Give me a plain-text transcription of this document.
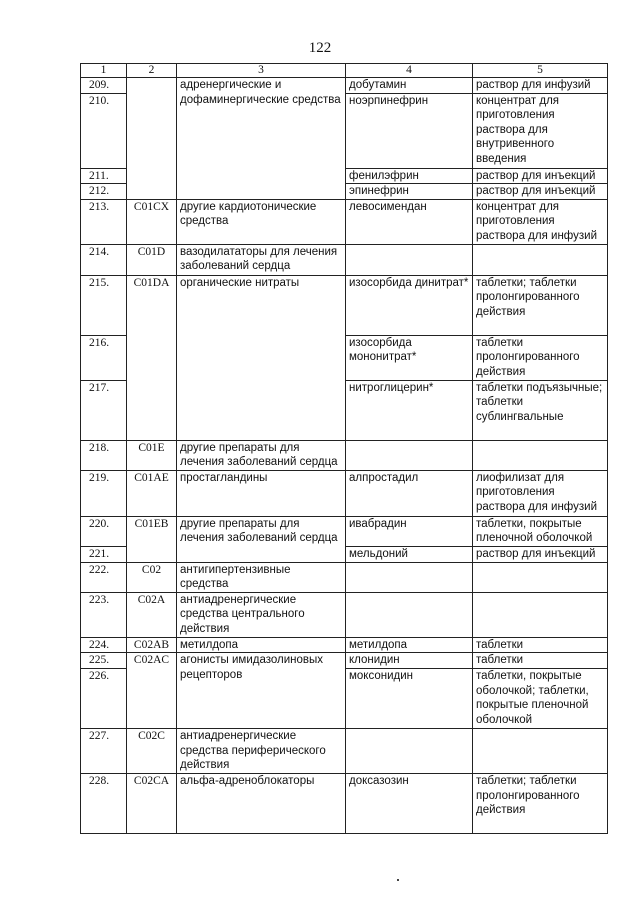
122
1	2	3	4	5
209.		адренергические и дофаминергические средства	добутамин	раствор для инфузий
210.			ноэрпинефрин	концентрат для приготовления раствора для внутривенного введения
211.			фенилэфрин	раствор для инъекций
212.			эпинефрин	раствор для инъекций
213.	C01CX	другие кардиотонические средства	левосимендан	концентрат для приготовления раствора для инфузий
214.	C01D	вазодилататоры для лечения заболеваний сердца		
215.	C01DA	органические нитраты	изосорбида динитрат*	таблетки; таблетки пролонгированного действия
216.			изосорбида мононитрат*	таблетки пролонгированного действия
217.			нитроглицерин*	таблетки подъязычные; таблетки сублингвальные
218.	C01E	другие препараты для лечения заболеваний сердца		
219.	C01AE	простагландины	алпростадил	лиофилизат для приготовления раствора для инфузий
220.	C01EB	другие препараты для лечения заболеваний сердца	ивабрадин	таблетки, покрытые пленочной оболочкой
221.			мельдоний	раствор для инъекций
222.	C02	антигипертензивные средства		
223.	C02A	антиадренергические средства центрального действия		
224.	C02AB	метилдопа	метилдопа	таблетки
225.	C02AC	агонисты имидазолиновых рецепторов	клонидин	таблетки
226.			моксонидин	таблетки, покрытые оболочкой; таблетки, покрытые пленочной оболочкой
227.	C02C	антиадренергические средства периферического действия		
228.	C02CA	альфа-адреноблокаторы	доксазозин	таблетки; таблетки пролонгированного действия
